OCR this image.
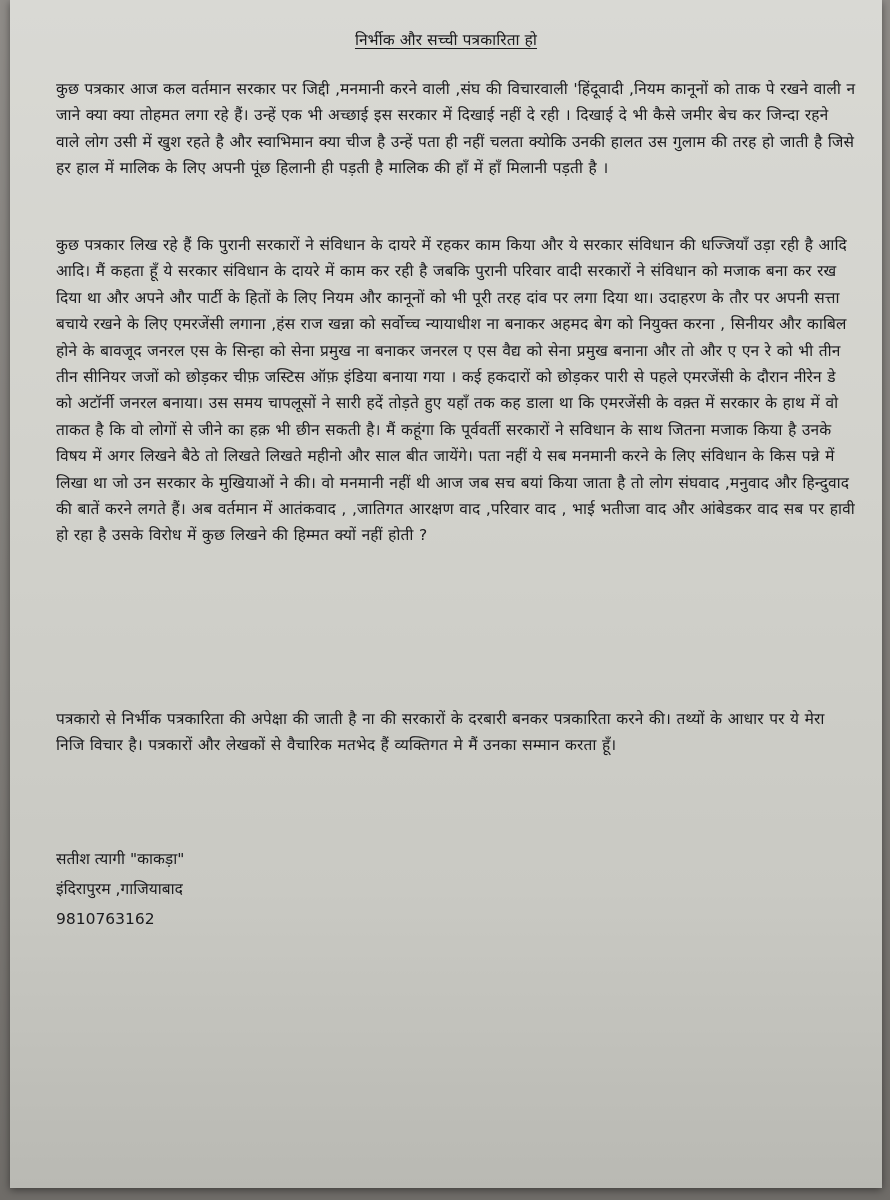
निर्भीक और सच्ची पत्रकारिता हो
कुछ पत्रकार आज कल वर्तमान सरकार पर जिद्दी ,मनमानी करने वाली ,संघ की विचारवाली 'हिंदूवादी ,नियम कानूनों को ताक पे रखने वाली न जाने क्या क्या तोहमत लगा रहे हैं। उन्हें एक भी अच्छाई इस सरकार में दिखाई नहीं दे रही । दिखाई दे भी कैसे जमीर बेच कर जिन्दा रहने वाले लोग उसी में खुश रहते है और स्वाभिमान क्या चीज है उन्हें पता ही नहीं चलता क्योकि उनकी हालत उस गुलाम की तरह हो जाती है जिसे हर हाल में मालिक के लिए अपनी पूंछ हिलानी ही पड़ती है मालिक की हाँ में हाँ मिलानी पड़ती है ।
कुछ पत्रकार लिख रहे हैं कि पुरानी सरकारों ने संविधान के दायरे में रहकर काम किया और ये सरकार संविधान की धज्जियाँ उड़ा रही है आदि आदि। मैं कहता हूँ ये सरकार संविधान के दायरे में काम कर रही है जबकि पुरानी परिवार वादी सरकारों ने संविधान को मजाक बना कर रख दिया था और अपने और पार्टी के हितों के लिए नियम और कानूनों को भी पूरी तरह दांव पर लगा दिया था। उदाहरण के तौर पर अपनी सत्ता बचाये रखने के लिए एमरजेंसी लगाना ,हंस राज खन्ना को सर्वोच्च न्यायाधीश ना बनाकर अहमद बेग को नियुक्त करना , सिनीयर और काबिल होने के बावजूद जनरल एस के सिन्हा को सेना प्रमुख ना बनाकर जनरल ए एस वैद्य को सेना प्रमुख बनाना और तो और ए एन रे को भी तीन तीन सीनियर जजों को छोड़कर चीफ़ जस्टिस ऑफ़ इंडिया बनाया गया । कई हकदारों को छोड़कर पारी से पहले एमरजेंसी के दौरान नीरेन डे को अटॉर्नी जनरल बनाया। उस समय चापलूसों ने सारी हदें तोड़ते हुए यहाँ तक कह डाला था कि एमरजेंसी के वक़्त में सरकार के हाथ में वो ताकत है कि वो लोगों से जीने का हक़ भी छीन सकती है। मैं कहूंगा कि पूर्ववर्ती सरकारों ने सविधान के साथ जितना मजाक किया है उनके विषय में अगर लिखने बैठे तो लिखते लिखते महीनो और साल बीत जायेंगे। पता नहीं ये सब मनमानी करने के लिए संविधान के किस पन्ने में लिखा था जो उन सरकार के मुखियाओं ने की। वो मनमानी नहीं थी आज जब सच बयां किया जाता है तो लोग संघवाद ,मनुवाद और हिन्दुवाद की बातें करने लगते हैं। अब वर्तमान में आतंकवाद , ,जातिगत आरक्षण वाद ,परिवार वाद , भाई भतीजा वाद और आंबेडकर वाद सब पर हावी हो रहा है उसके विरोध में कुछ लिखने की हिम्मत क्यों नहीं होती ?
पत्रकारो से निर्भीक पत्रकारिता की अपेक्षा की जाती है ना की सरकारों के दरबारी बनकर पत्रकारिता करने की। तथ्यों के आधार पर ये मेरा निजि विचार है। पत्रकारों और लेखकों से वैचारिक मतभेद हैं व्यक्तिगत मे मैं उनका सम्मान करता हूँ।
सतीश त्यागी "काकड़ा"
इंदिरापुरम ,गाजियाबाद
9810763162
